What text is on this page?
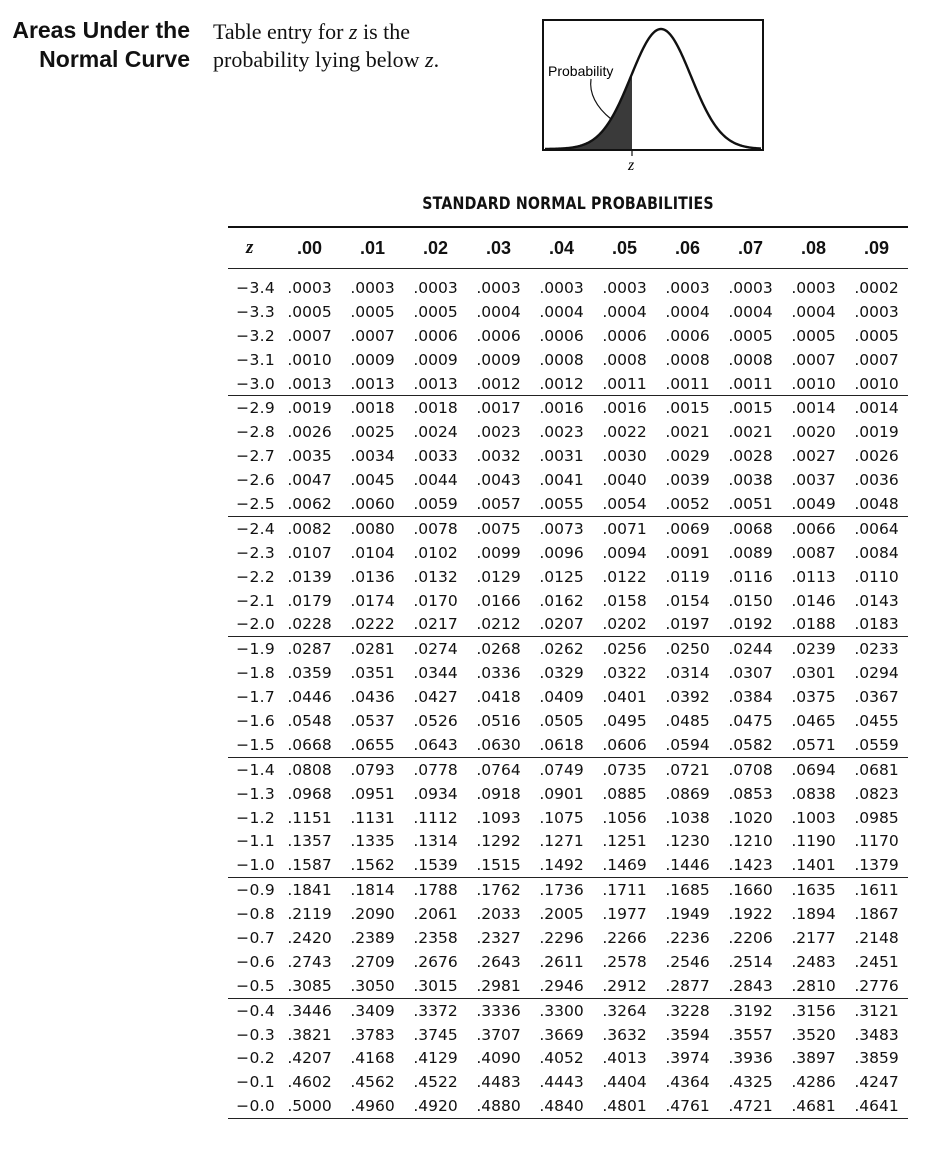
Areas Under the
Normal Curve
Table entry for z is the
probability lying below z.	Probability
z
STANDARD NORMAL PROBABILITIES
z	.00	.01	.02	.03	.04	.05	.06	.07	.08	.09
−3.4 .0003	.0003	.0003	.0003	.0003	.0003	.0003	.0003	.0003	.0002
−3.3 .0005	.0005	.0005	.0004	.0004	.0004	.0004	.0004	.0004	.0003
−3.2 .0007	.0007	.0006	.0006	.0006	.0006	.0006	.0005	.0005	.0005
−3.1 .0010	.0009	.0009	.0009	.0008	.0008	.0008	.0008	.0007	.0007
−3.0 .0013	.0013	.0013	.0012	.0012	.0011	.0011	.0011	.0010	.0010
−2.9 .0019	.0018	.0018	.0017	.0016	.0016	.0015	.0015	.0014	.0014
−2.8 .0026	.0025	.0024	.0023	.0023	.0022	.0021	.0021	.0020	.0019
−2.7 .0035	.0034	.0033	.0032	.0031	.0030	.0029	.0028	.0027	.0026
−2.6 .0047	.0045	.0044	.0043	.0041	.0040	.0039	.0038	.0037	.0036
−2.5 .0062	.0060	.0059	.0057	.0055	.0054	.0052	.0051	.0049	.0048
−2.4 .0082	.0080	.0078	.0075	.0073	.0071	.0069	.0068	.0066	.0064
−2.3 .0107	.0104	.0102	.0099	.0096	.0094	.0091	.0089	.0087	.0084
−2.2 .0139	.0136	.0132	.0129	.0125	.0122	.0119	.0116	.0113	.0110
−2.1 .0179	.0174	.0170	.0166	.0162	.0158	.0154	.0150	.0146	.0143
−2.0 .0228	.0222	.0217	.0212	.0207	.0202	.0197	.0192	.0188	.0183
−1.9 .0287	.0281	.0274	.0268	.0262	.0256	.0250	.0244	.0239	.0233
−1.8 .0359	.0351	.0344	.0336	.0329	.0322	.0314	.0307	.0301	.0294
−1.7 .0446	.0436	.0427	.0418	.0409	.0401	.0392	.0384	.0375	.0367
−1.6 .0548	.0537	.0526	.0516	.0505	.0495	.0485	.0475	.0465	.0455
−1.5 .0668	.0655	.0643	.0630	.0618	.0606	.0594	.0582	.0571	.0559
−1.4 .0808	.0793	.0778	.0764	.0749	.0735	.0721	.0708	.0694	.0681
−1.3 .0968	.0951	.0934	.0918	.0901	.0885	.0869	.0853	.0838	.0823
−1.2 .1151	.1131	.1112	.1093	.1075	.1056	.1038	.1020	.1003	.0985
−1.1 .1357	.1335	.1314	.1292	.1271	.1251	.1230	.1210	.1190	.1170
−1.0 .1587	.1562	.1539	.1515	.1492	.1469	.1446	.1423	.1401	.1379
−0.9 .1841	.1814	.1788	.1762	.1736	.1711	.1685	.1660	.1635	.1611
−0.8 .2119	.2090	.2061	.2033	.2005	.1977	.1949	.1922	.1894	.1867
−0.7 .2420	.2389	.2358	.2327	.2296	.2266	.2236	.2206	.2177	.2148
−0.6 .2743	.2709	.2676	.2643	.2611	.2578	.2546	.2514	.2483	.2451
−0.5 .3085	.3050	.3015	.2981	.2946	.2912	.2877	.2843	.2810	.2776
−0.4 .3446	.3409	.3372	.3336	.3300	.3264	.3228	.3192	.3156	.3121
−0.3 .3821	.3783	.3745	.3707	.3669	.3632	.3594	.3557	.3520	.3483
−0.2 .4207	.4168	.4129	.4090	.4052	.4013	.3974	.3936	.3897	.3859
−0.1 .4602	.4562	.4522	.4483	.4443	.4404	.4364	.4325	.4286	.4247
−0.0 .5000	.4960	.4920	.4880	.4840	.4801	.4761	.4721	.4681	.4641
